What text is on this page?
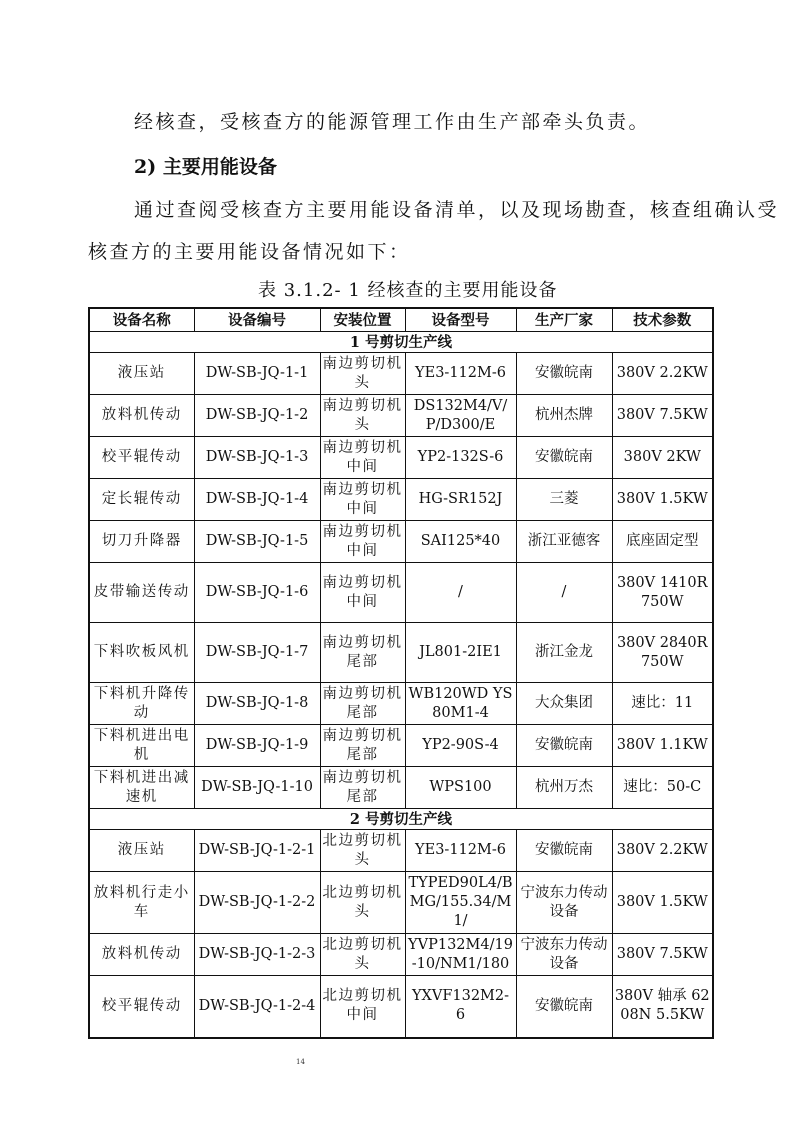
经核查，受核查方的能源管理工作由生产部牵头负责。
2) 主要用能设备
通过查阅受核查方主要用能设备清单，以及现场勘查，核查组确认受
核查方的主要用能设备情况如下：
表 3.1.2- 1 经核查的主要用能设备
设备名称	设备编号	安装位置	设备型号	生产厂家	技术参数
1 号剪切生产线					
液压站	DW-SB-JQ-1-1	南边剪切机头	YE3-112M-6	安徽皖南	380V 2.2KW
放料机传动	DW-SB-JQ-1-2	南边剪切机头	DS132M4/V/P/D300/E	杭州杰牌	380V 7.5KW
校平辊传动	DW-SB-JQ-1-3	南边剪切机中间	YP2-132S-6	安徽皖南	380V 2KW
定长辊传动	DW-SB-JQ-1-4	南边剪切机中间	HG-SR152J	三菱	380V 1.5KW
切刀升降器	DW-SB-JQ-1-5	南边剪切机中间	SAI125*40	浙江亚德客	底座固定型
皮带输送传动	DW-SB-JQ-1-6	南边剪切机中间	/	/	380V 1410R 750W
下料吹板风机	DW-SB-JQ-1-7	南边剪切机尾部	JL801-2IE1	浙江金龙	380V 2840R 750W
下料机升降传动	DW-SB-JQ-1-8	南边剪切机尾部	WB120WD YS80M1-4	大众集团	速比：11
下料机进出电机	DW-SB-JQ-1-9	南边剪切机尾部	YP2-90S-4	安徽皖南	380V 1.1KW
下料机进出减速机	DW-SB-JQ-1-10	南边剪切机尾部	WPS100	杭州万杰	速比：50-C
2 号剪切生产线					
液压站	DW-SB-JQ-1-2-1	北边剪切机头	YE3-112M-6	安徽皖南	380V 2.2KW
放料机行走小车	DW-SB-JQ-1-2-2	北边剪切机头	TYPED90L4/BMG/155.34/M1/	宁波东力传动设备	380V 1.5KW
放料机传动	DW-SB-JQ-1-2-3	北边剪切机头	YVP132M4/19-10/NM1/180	宁波东力传动设备	380V 7.5KW
校平辊传动	DW-SB-JQ-1-2-4	北边剪切机中间	YXVF132M2-6	安徽皖南	380V 轴承 6208N 5.5KW
14
